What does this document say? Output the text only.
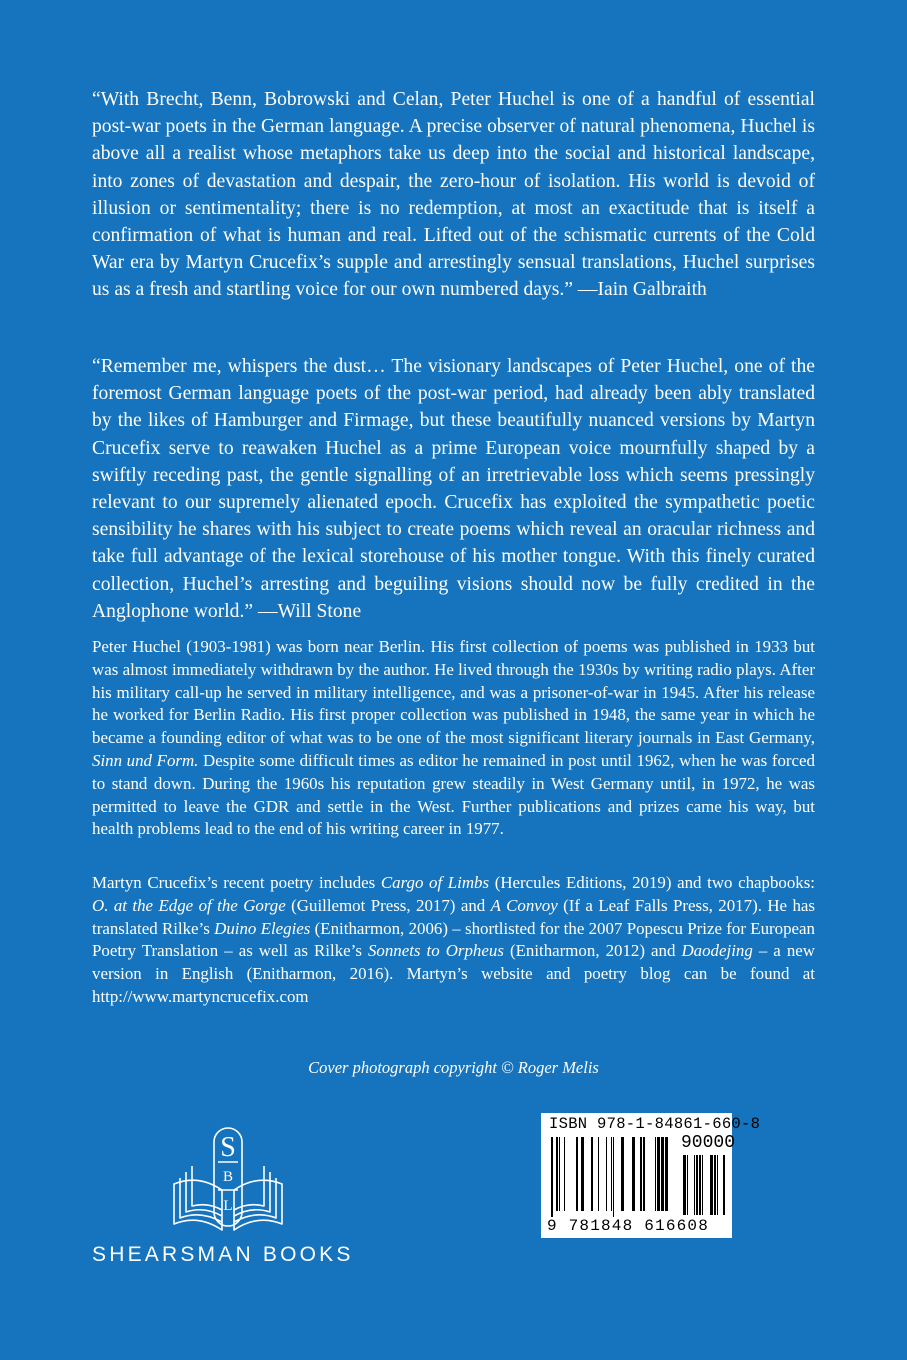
“With Brecht, Benn, Bobrowski and Celan, Peter Huchel is one of a handful of essential post-war poets in the German language. A precise observer of natural phenomena, Huchel is above all a realist whose metaphors take us deep into the social and historical landscape, into zones of devastation and despair, the zero-hour of isolation. His world is devoid of illusion or sentimentality; there is no redemption, at most an exactitude that is itself a confirmation of what is human and real. Lifted out of the schismatic currents of the Cold War era by Martyn Crucefix’s supple and arrestingly sensual translations, Huchel surprises us as a fresh and startling voice for our own numbered days.” —Iain Galbraith

“Remember me, whispers the dust… The visionary landscapes of Peter Huchel, one of the foremost German language poets of the post-war period, had already been ably translated by the likes of Hamburger and Firmage, but these beautifully nuanced versions by Martyn Crucefix serve to reawaken Huchel as a prime European voice mournfully shaped by a swiftly receding past, the gentle signalling of an irretrievable loss which seems pressingly relevant to our supremely alienated epoch. Crucefix has exploited the sympathetic poetic sensibility he shares with his subject to create poems which reveal an oracular richness and take full advantage of the lexical storehouse of his mother tongue. With this finely curated collection, Huchel’s arresting and beguiling visions should now be fully credited in the Anglophone world.” —Will Stone

Peter Huchel (1903-1981) was born near Berlin. His first collection of poems was published in 1933 but was almost immediately withdrawn by the author. He lived through the 1930s by writing radio plays. After his military call-up he served in military intelligence, and was a prisoner-of-war in 1945. After his release he worked for Berlin Radio. His first proper collection was published in 1948, the same year in which he became a founding editor of what was to be one of the most significant literary journals in East Germany, Sinn und Form. Despite some difficult times as editor he remained in post until 1962, when he was forced to stand down. During the 1960s his reputation grew steadily in West Germany until, in 1972, he was permitted to leave the GDR and settle in the West. Further publications and prizes came his way, but health problems lead to the end of his writing career in 1977.

Martyn Crucefix’s recent poetry includes Cargo of Limbs (Hercules Editions, 2019) and two chapbooks: O. at the Edge of the Gorge (Guillemot Press, 2017) and A Convoy (If a Leaf Falls Press, 2017). He has translated Rilke’s Duino Elegies (Enitharmon, 2006) – shortlisted for the 2007 Popescu Prize for European Poetry Translation – as well as Rilke’s Sonnets to Orpheus (Enitharmon, 2012) and Daodejing – a new version in English (Enitharmon, 2016). Martyn’s website and poetry blog can be found at http://www.martyncrucefix.com

Cover photograph copyright © Roger Melis
S
B
L
SHEARSMAN BOOKS
ISBN 978-1-84861-660-8
90000
9 781848 616608
